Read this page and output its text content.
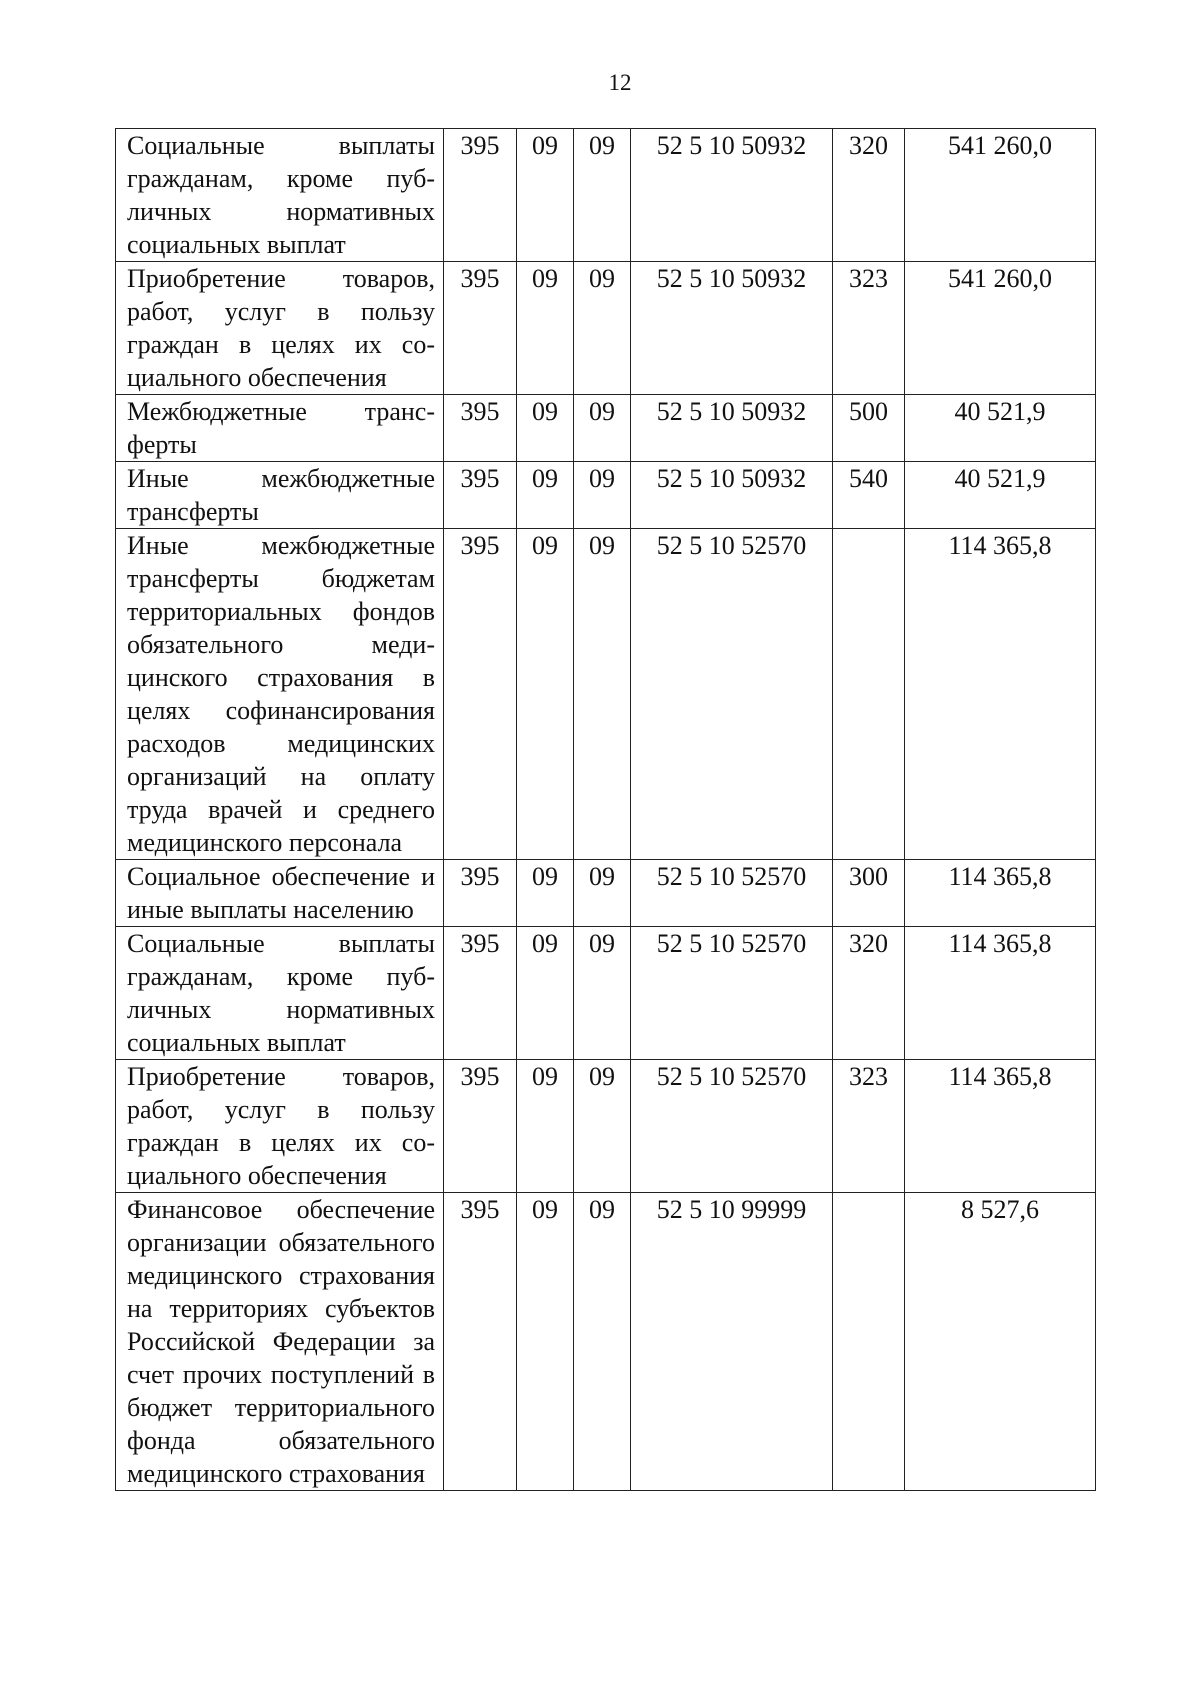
12
Социальные выплаты гражданам, кроме публичных нормативных социальных выплат	395	09	09	52 5 10 50932	320	541 260,0
Приобретение товаров, работ, услуг в пользу граждан в целях их социального обеспечения	395	09	09	52 5 10 50932	323	541 260,0
Межбюджетные трансферты	395	09	09	52 5 10 50932	500	40 521,9
Иные межбюджетные трансферты	395	09	09	52 5 10 50932	540	40 521,9
Иные межбюджетные трансферты бюджетам территориальных фондов обязательного медицинского страхования в целях софинансирования расходов медицинских организаций на оплату труда врачей и среднего медицинского персонала	395	09	09	52 5 10 52570		114 365,8
Социальное обеспечение и иные выплаты населению	395	09	09	52 5 10 52570	300	114 365,8
Социальные выплаты гражданам, кроме публичных нормативных социальных выплат	395	09	09	52 5 10 52570	320	114 365,8
Приобретение товаров, работ, услуг в пользу граждан в целях их социального обеспечения	395	09	09	52 5 10 52570	323	114 365,8
Финансовое обеспечение организации обязательного медицинского страхования на территориях субъектов Российской Федерации за счет прочих поступлений в бюджет территориального фонда обязательного медицинского страхования	395	09	09	52 5 10 99999		8 527,6
